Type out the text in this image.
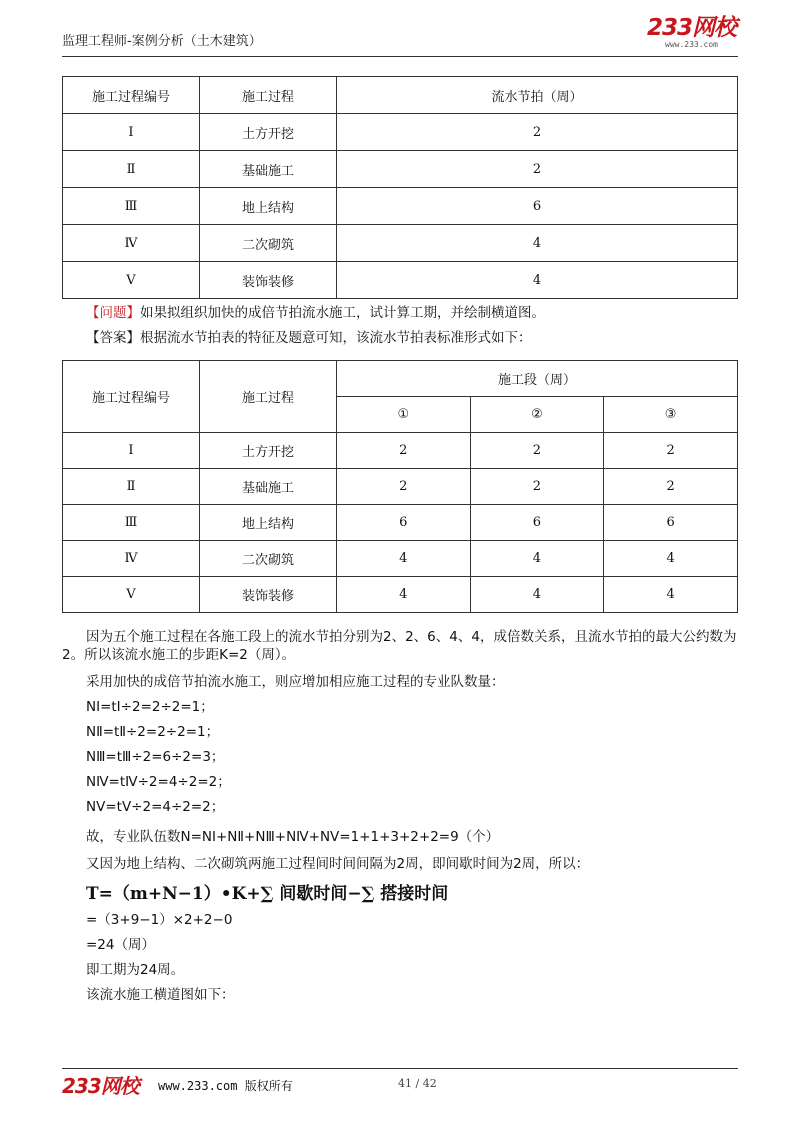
监理工程师-案例分析（土木建筑）
233网校
www.233.com
施工过程编号	施工过程	流水节拍（周）
Ⅰ	土方开挖	2
Ⅱ	基础施工	2
Ⅲ	地上结构	6
Ⅳ	二次砌筑	4
Ⅴ	装饰装修	4
【问题】如果拟组织加快的成倍节拍流水施工，试计算工期，并绘制横道图。
【答案】根据流水节拍表的特征及题意可知，该流水节拍表标准形式如下：
施工过程编号	施工过程	施工段（周）		
		①	②	③
Ⅰ	土方开挖	2	2	2
Ⅱ	基础施工	2	2	2
Ⅲ	地上结构	6	6	6
Ⅳ	二次砌筑	4	4	4
Ⅴ	装饰装修	4	4	4
因为五个施工过程在各施工段上的流水节拍分别为2、2、6、4、4，成倍数关系，且流水节拍的最大公约数为2。所以该流水施工的步距K=2（周）。
采用加快的成倍节拍流水施工，则应增加相应施工过程的专业队数量：
NⅠ=tⅠ÷2=2÷2=1；
NⅡ=tⅡ÷2=2÷2=1；
NⅢ=tⅢ÷2=6÷2=3；
NⅣ=tⅣ÷2=4÷2=2；
NⅤ=tⅤ÷2=4÷2=2；
故，专业队伍数N=NⅠ+NⅡ+NⅢ+NⅣ+NⅤ=1+1+3+2+2=9（个）
又因为地上结构、二次砌筑两施工过程间时间间隔为2周，即间歇时间为2周，所以：
T=（m+N−1）•K+∑ 间歇时间−∑ 搭接时间
=（3+9−1）×2+2−0
=24（周）
即工期为24周。
该流水施工横道图如下：
233网校 www.233.com 版权所有	41 / 42
